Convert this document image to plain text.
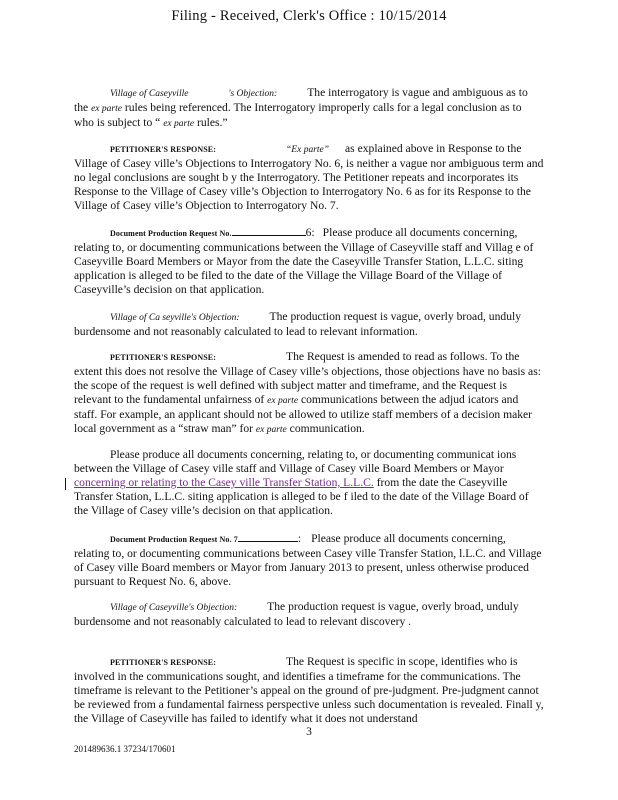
Filing - Received, Clerk's Office : 10/15/2014

Village of Caseyville	's Objection:	The interrogatory is vague and ambiguous as to the ex parte rules being referenced. The Interrogatory improperly calls for a legal conclusion as to who is subject to “ ex parte rules.”

PETITIONER'S RESPONSE:	“Ex parte” as explained above in Response to the Village of Casey ville’s Objections to Interrogatory No. 6, is neither a vague nor ambiguous term and no legal conclusions are sought b y the Interrogatory. The Petitioner repeats and incorporates its Response to the Village of Casey ville’s Objection to Interrogatory No. 6 as for its Response to the Village of Casey ville’s Objection to Interrogatory No. 7.

Document Production Request No.	6: Please produce all documents concerning, relating to, or documenting communications between the Village of Caseyville staff and Villag e of Caseyville Board Members or Mayor from the date the Caseyville Transfer Station, L.L.C. siting application is alleged to be filed to the date of the Village the Village Board of the Village of Caseyville’s decision on that application.

Village of Ca seyville's Objection:	The production request is vague, overly broad, unduly burdensome and not reasonably calculated to lead to relevant information.

PETITIONER'S RESPONSE:	The Request is amended to read as follows. To the extent this does not resolve the Village of Casey ville’s objections, those objections have no basis as: the scope of the request is well defined with subject matter and timeframe, and the Request is relevant to the fundamental unfairness of ex parte communications between the adjud icators and staff. For example, an applicant should not be allowed to utilize staff members of a decision maker local government as a “straw man” for ex parte communication.

Please produce all documents concerning, relating to, or documenting communicat ions between the Village of Casey ville staff and Village of Casey ville Board Members or Mayor concerning or relating to the Casey ville Transfer Station, L.L.C. from the date the Caseyville Transfer Station, L.L.C. siting application is alleged to be f iled to the date of the Village Board of the Village of Casey ville’s decision on that application.

Document Production Request No. 7	: Please produce all documents concerning, relating to, or documenting communications between Casey ville Transfer Station, l.L.C. and Village of Casey ville Board members or Mayor from January 2013 to present, unless otherwise produced pursuant to Request No. 6, above.

Village of Caseyville's Objection:	The production request is vague, overly broad, unduly burdensome and not reasonably calculated to lead to relevant discovery .

PETITIONER'S RESPONSE:	The Request is specific in scope, identifies who is involved in the communications sought, and identifies a timeframe for the communications. The timeframe is relevant to the Petitioner’s appeal on the ground of pre-judgment. Pre-judgment cannot be reviewed from a fundamental fairness perspective unless such documentation is revealed. Finall y, the Village of Caseyville has failed to identify what it does not understand

3
201489636.1 37234/170601
